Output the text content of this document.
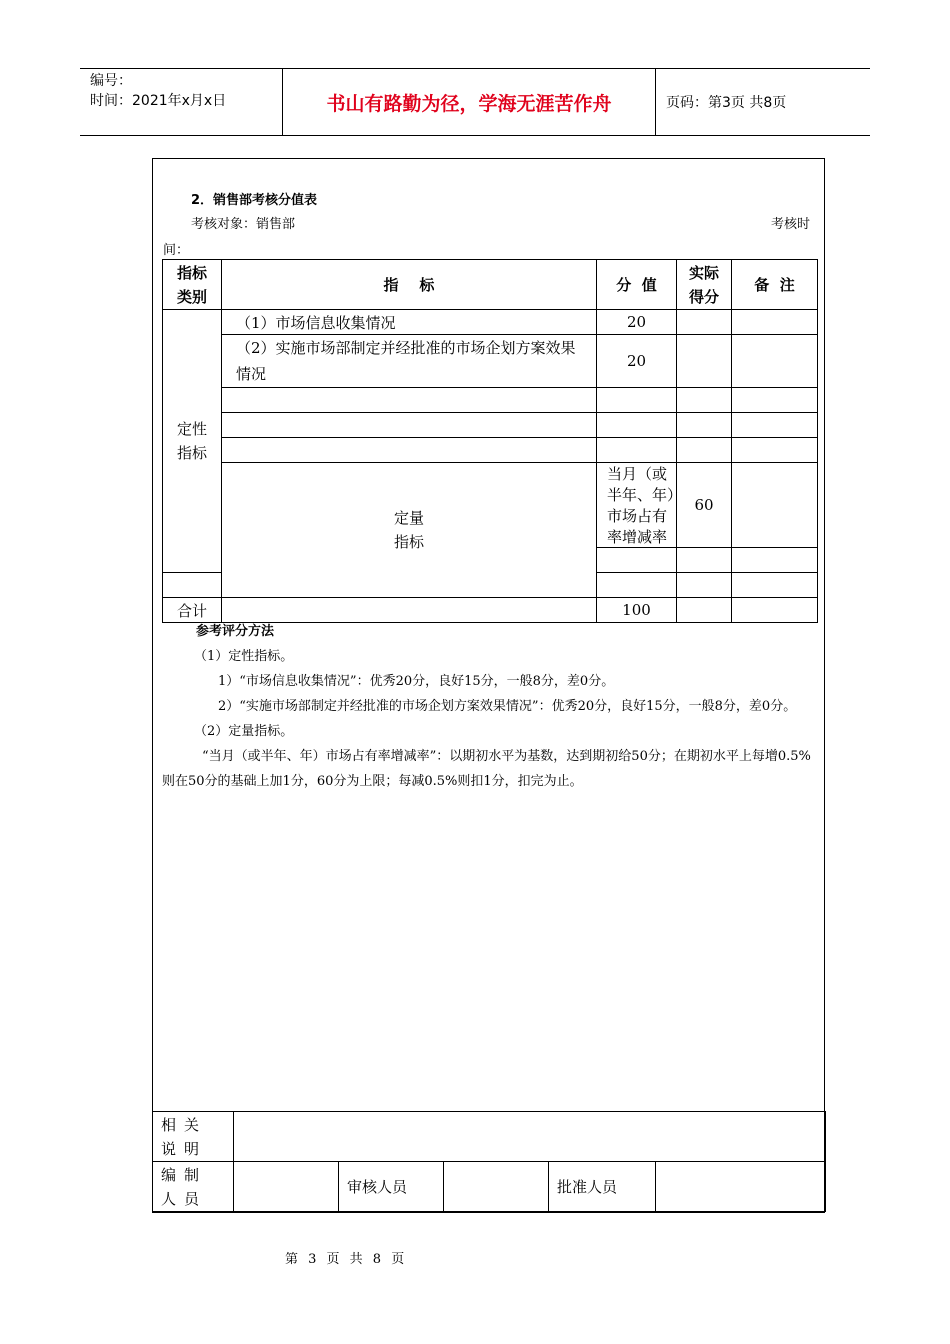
编号：
时间：2021年x月x日	书山有路勤为径，学海无涯苦作舟	页码：第3页 共8页
2．销售部考核分值表
考核对象：销售部	考核时
间：
指标类别	指    标	分  值	实际得分	备  注	
定性指标	（1）市场信息收集情况	20			

	（2）实施市场部制定并经批准的市场企划方案效果情况	20			

	定量指标	当月（或半年、年）市场占有率增减率	60		

合计		100			
参考评分方法
（1）定性指标。
1）“市场信息收集情况”：优秀20分，良好15分，一般8分，差0分。
2）“实施市场部制定并经批准的市场企划方案效果情况”：优秀20分，良好15分，一般8分，差0分。
（2）定量指标。
“当月（或半年、年）市场占有率增减率”：以期初水平为基数，达到期初给50分；在期初水平上每增0.5%则在50分的基础上加1分，60分为上限；每减0.5%则扣1分，扣完为止。
相关说明					
编制人员		审核人员		批准人员	
第 3 页 共 8 页
